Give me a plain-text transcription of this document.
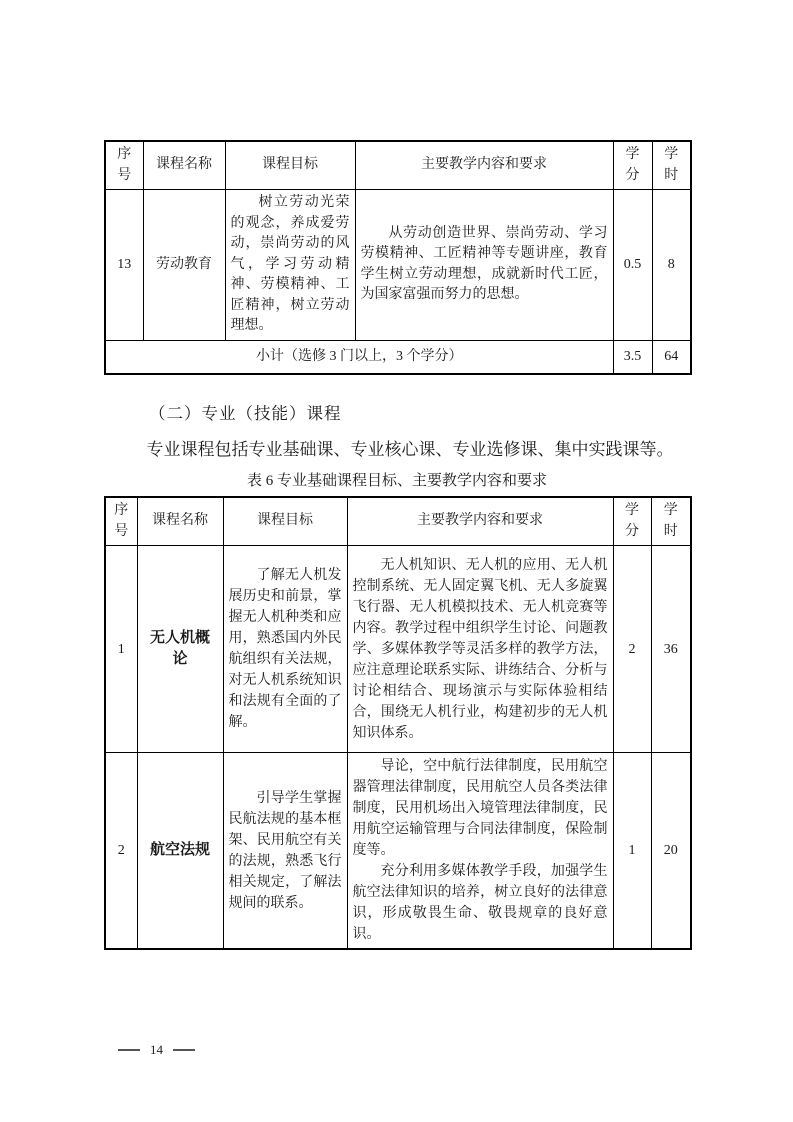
序号	课程名称	课程目标	主要教学内容和要求	学分	学时

13	劳动教育	树立劳动光荣的观念，养成爱劳动，崇尚劳动的风气，学习劳动精神、劳模精神、工匠精神，树立劳动理想。	从劳动创造世界、崇尚劳动、学习劳模精神、工匠精神等专题讲座，教育学生树立劳动理想，成就新时代工匠，为国家富强而努力的思想。	0.5	8
小计（选修 3 门以上，3 个学分）				3.5	64
（二）专业（技能）课程

专业课程包括专业基础课、专业核心课、专业选修课、集中实践课等。

表 6 专业基础课程目标、主要教学内容和要求
序号	课程名称	课程目标	主要教学内容和要求	学分	学时

1	无人机概论	了解无人机发展历史和前景，掌握无人机种类和应用，熟悉国内外民航组织有关法规，对无人机系统知识和法规有全面的了解。	无人机知识、无人机的应用、无人机控制系统、无人固定翼飞机、无人多旋翼飞行器、无人机模拟技术、无人机竞赛等内容。教学过程中组织学生讨论、问题教学、多媒体教学等灵活多样的教学方法，应注意理论联系实际、讲练结合、分析与讨论相结合、现场演示与实际体验相结合，围绕无人机行业，构建初步的无人机知识体系。	2	36
2	航空法规	引导学生掌握民航法规的基本框架、民用航空有关的法规，熟悉飞行相关规定，了解法规间的联系。	导论，空中航行法律制度，民用航空器管理法律制度，民用航空人员各类法律制度，民用机场出入境管理法律制度，民用航空运输管理与合同法律制度，保险制度等。

充分利用多媒体教学手段，加强学生航空法律知识的培养，树立良好的法律意识，形成敬畏生命、敬畏规章的良好意识。	1	20
14
